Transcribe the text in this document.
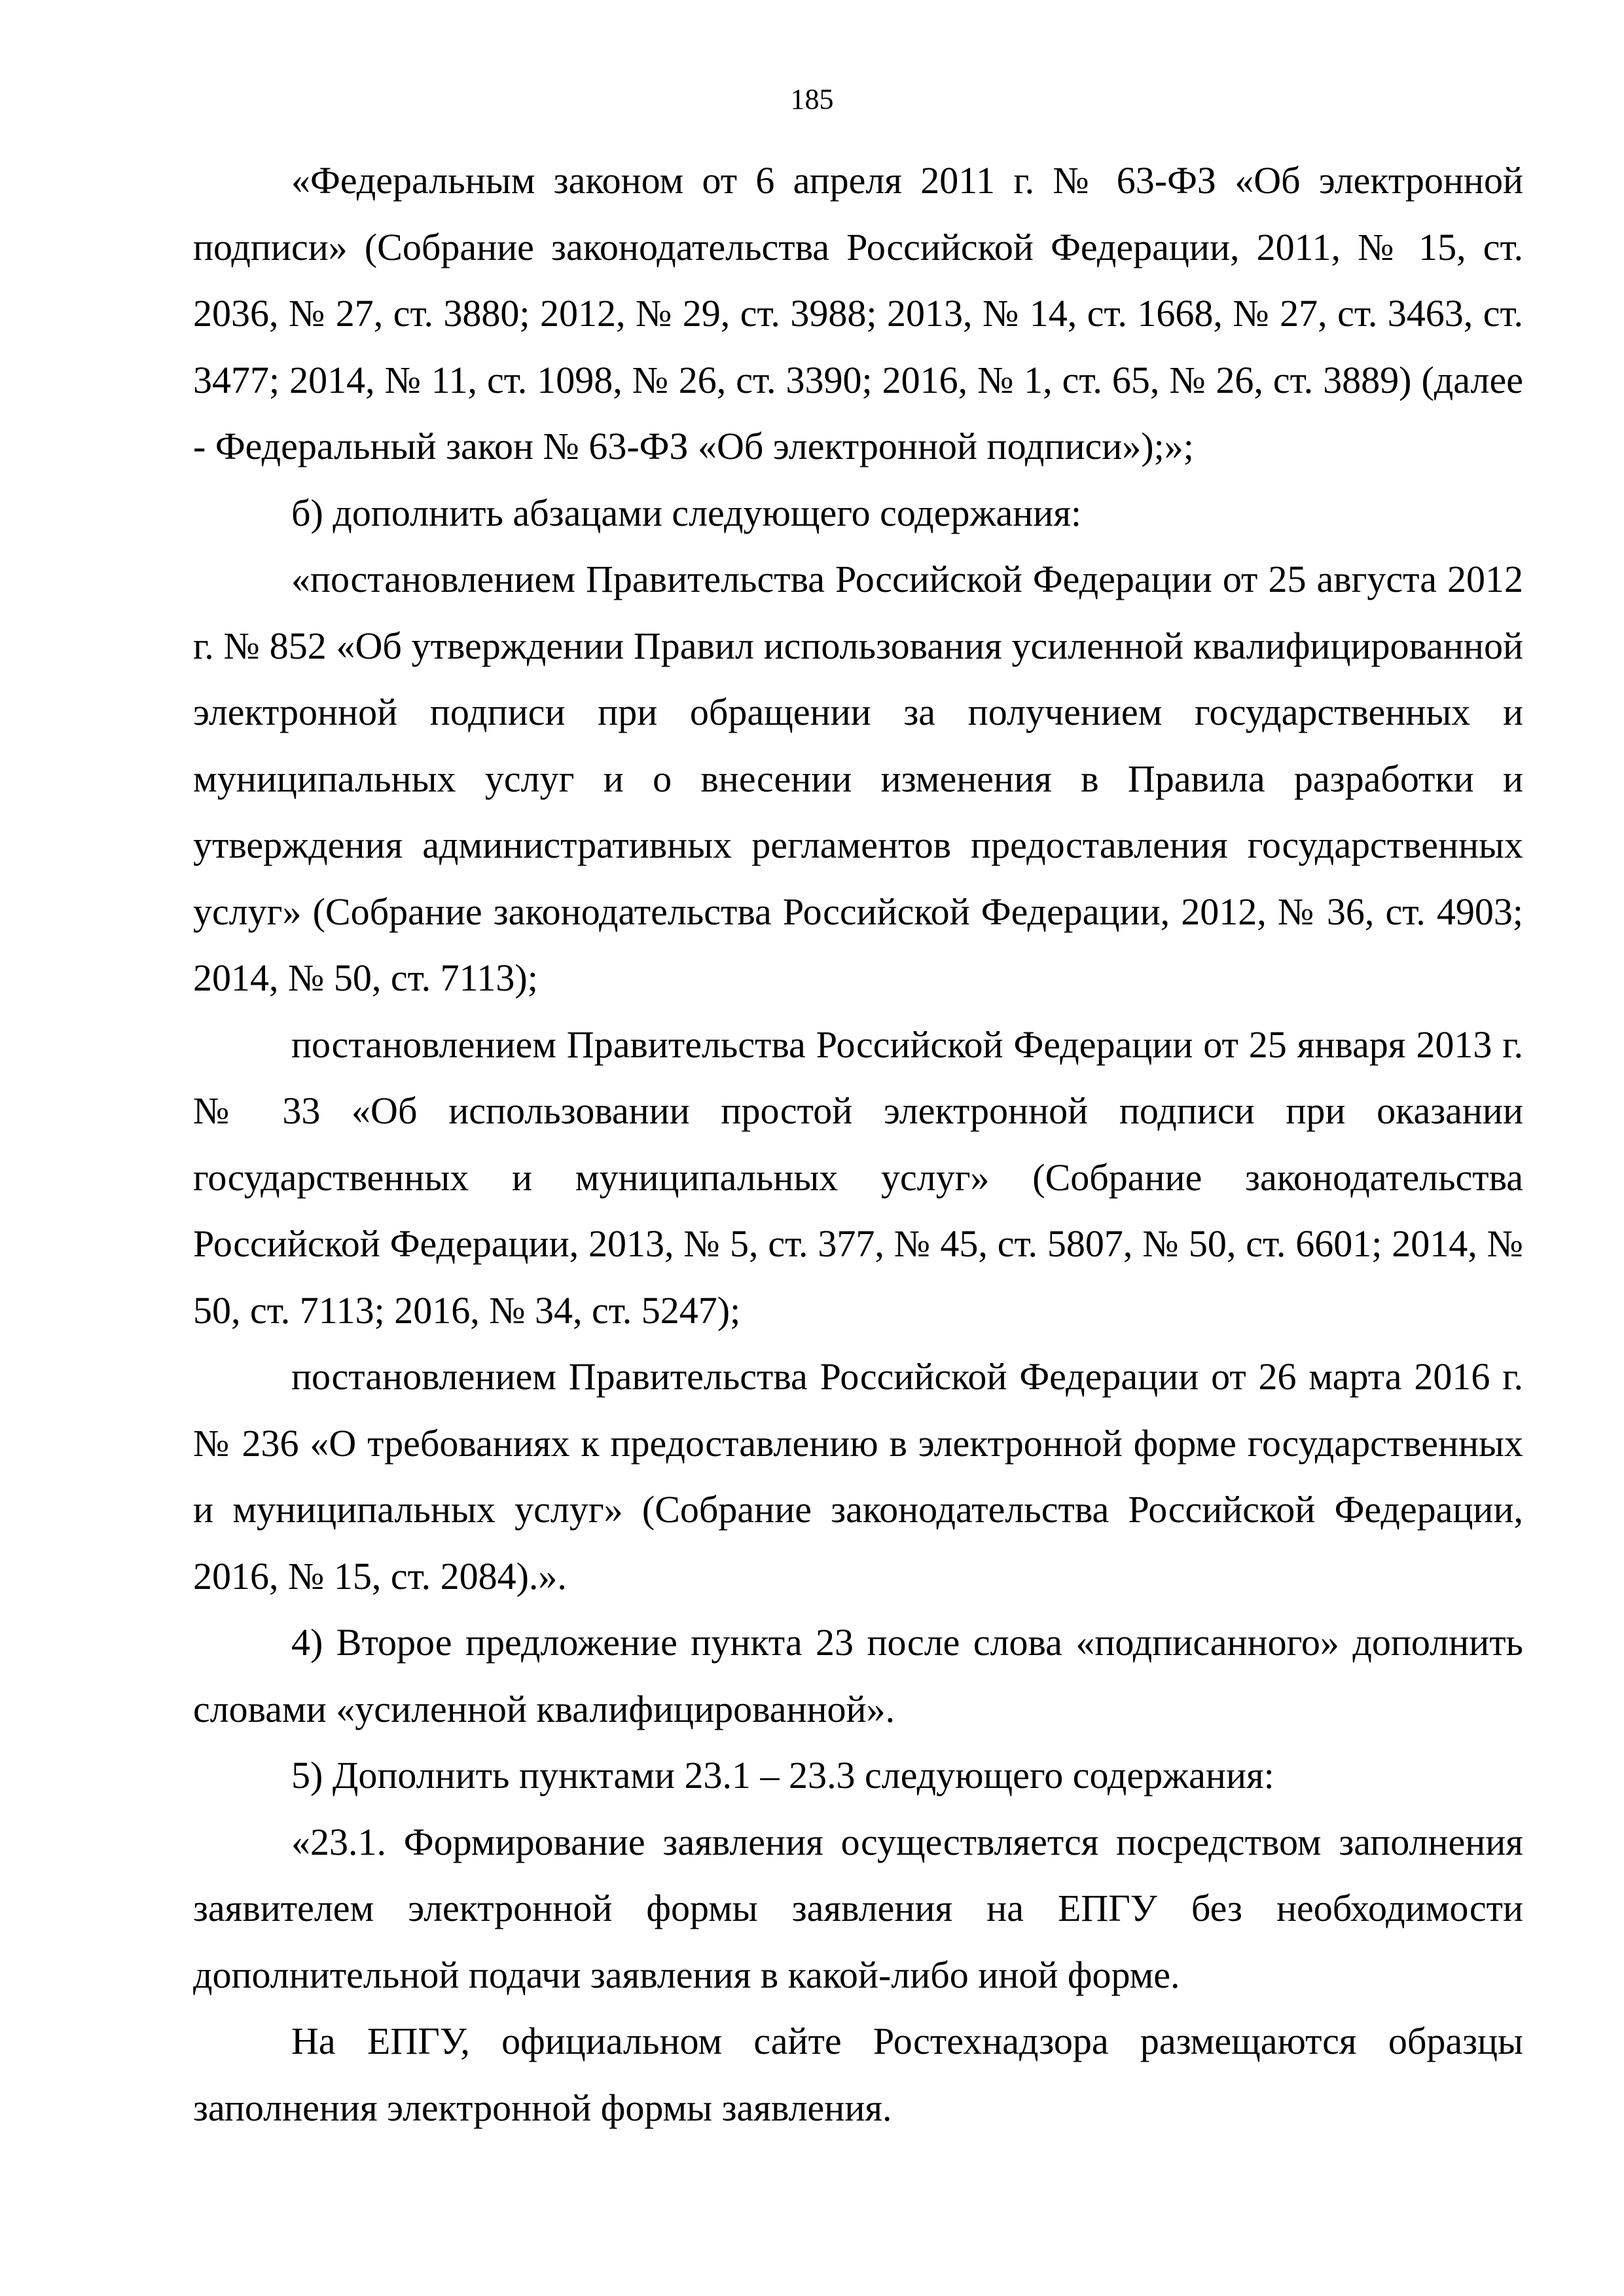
185

«Федеральным законом от 6 апреля 2011 г. № 63-ФЗ «Об электронной подписи» (Собрание законодательства Российской Федерации, 2011, № 15, ст. 2036, № 27, ст. 3880; 2012, № 29, ст. 3988; 2013, № 14, ст. 1668, № 27, ст. 3463, ст. 3477; 2014, № 11, ст. 1098, № 26, ст. 3390; 2016, № 1, ст. 65, № 26, ст. 3889) (далее - Федеральный закон № 63-ФЗ «Об электронной подписи»);»;

б) дополнить абзацами следующего содержания:

«постановлением Правительства Российской Федерации от 25 августа 2012 г. № 852 «Об утверждении Правил использования усиленной квалифицированной электронной подписи при обращении за получением государственных и муниципальных услуг и о внесении изменения в Правила разработки и утверждения административных регламентов предоставления государственных услуг» (Собрание законодательства Российской Федерации, 2012, № 36, ст. 4903; 2014, № 50, ст. 7113);

постановлением Правительства Российской Федерации от 25 января 2013 г. № 33 «Об использовании простой электронной подписи при оказании государственных и муниципальных услуг» (Собрание законодательства Российской Федерации, 2013, № 5, ст. 377, № 45, ст. 5807, № 50, ст. 6601; 2014, № 50, ст. 7113; 2016, № 34, ст. 5247);

постановлением Правительства Российской Федерации от 26 марта 2016 г. № 236 «О требованиях к предоставлению в электронной форме государственных и муниципальных услуг» (Собрание законодательства Российской Федерации, 2016, № 15, ст. 2084).».

4) Второе предложение пункта 23 после слова «подписанного» дополнить словами «усиленной квалифицированной».

5) Дополнить пунктами 23.1 – 23.3 следующего содержания:

«23.1. Формирование заявления осуществляется посредством заполнения заявителем электронной формы заявления на ЕПГУ без необходимости дополнительной подачи заявления в какой-либо иной форме.

На ЕПГУ, официальном сайте Ростехнадзора размещаются образцы заполнения электронной формы заявления.
